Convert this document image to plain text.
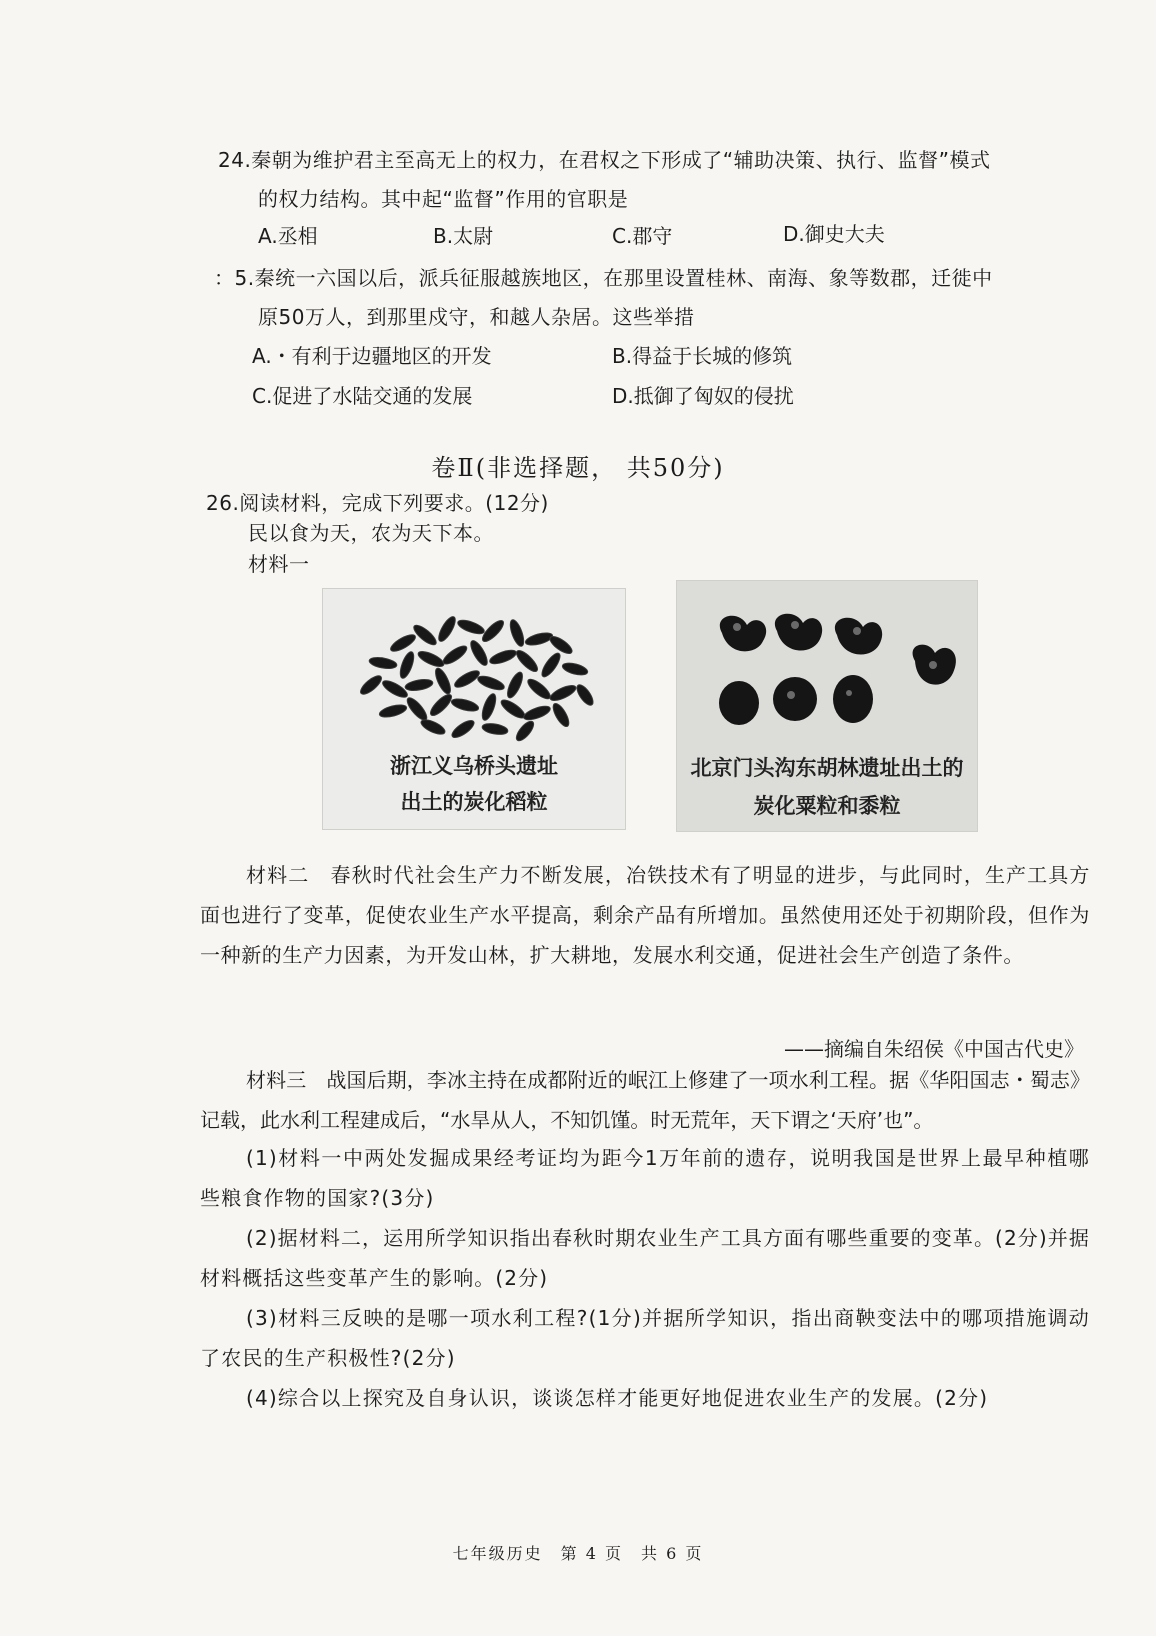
24.秦朝为维护君主至高无上的权力，在君权之下形成了“辅助决策、执行、监督”模式
的权力结构。其中起“监督”作用的官职是
A.丞相	B.太尉	C.郡守	D.御史大夫
：5.秦统一六国以后，派兵征服越族地区，在那里设置桂林、南海、象等数郡，迁徙中
原50万人，到那里戍守，和越人杂居。这些举措
A.・有利于边疆地区的开发	B.得益于长城的修筑
C.促进了水陆交通的发展	D.抵御了匈奴的侵扰
卷Ⅱ(非选择题， 共50分)
26.阅读材料，完成下列要求。(12分)
民以食为天，农为天下本。
材料一
浙江义乌桥头遗址
出土的炭化稻粒
北京门头沟东胡林遗址出土的
炭化粟粒和黍粒
材料二　春秋时代社会生产力不断发展，冶铁技术有了明显的进步，与此同时，生产工具方面也进行了变革，促使农业生产水平提高，剩余产品有所增加。虽然使用还处于初期阶段，但作为一种新的生产力因素，为开发山林，扩大耕地，发展水利交通，促进社会生产创造了条件。
——摘编自朱绍侯《中国古代史》
材料三　战国后期，李冰主持在成都附近的岷江上修建了一项水利工程。据《华阳国志・蜀志》记载，此水利工程建成后，“水旱从人，不知饥馑。时无荒年，天下谓之‘天府’也”。
(1)材料一中两处发掘成果经考证均为距今1万年前的遗存，说明我国是世界上最早种植哪些粮食作物的国家?(3分)
(2)据材料二，运用所学知识指出春秋时期农业生产工具方面有哪些重要的变革。(2分)并据材料概括这些变革产生的影响。(2分)
(3)材料三反映的是哪一项水利工程?(1分)并据所学知识，指出商鞅变法中的哪项措施调动了农民的生产积极性?(2分)
(4)综合以上探究及自身认识，谈谈怎样才能更好地促进农业生产的发展。(2分)
七年级历史　第 4 页　共 6 页
